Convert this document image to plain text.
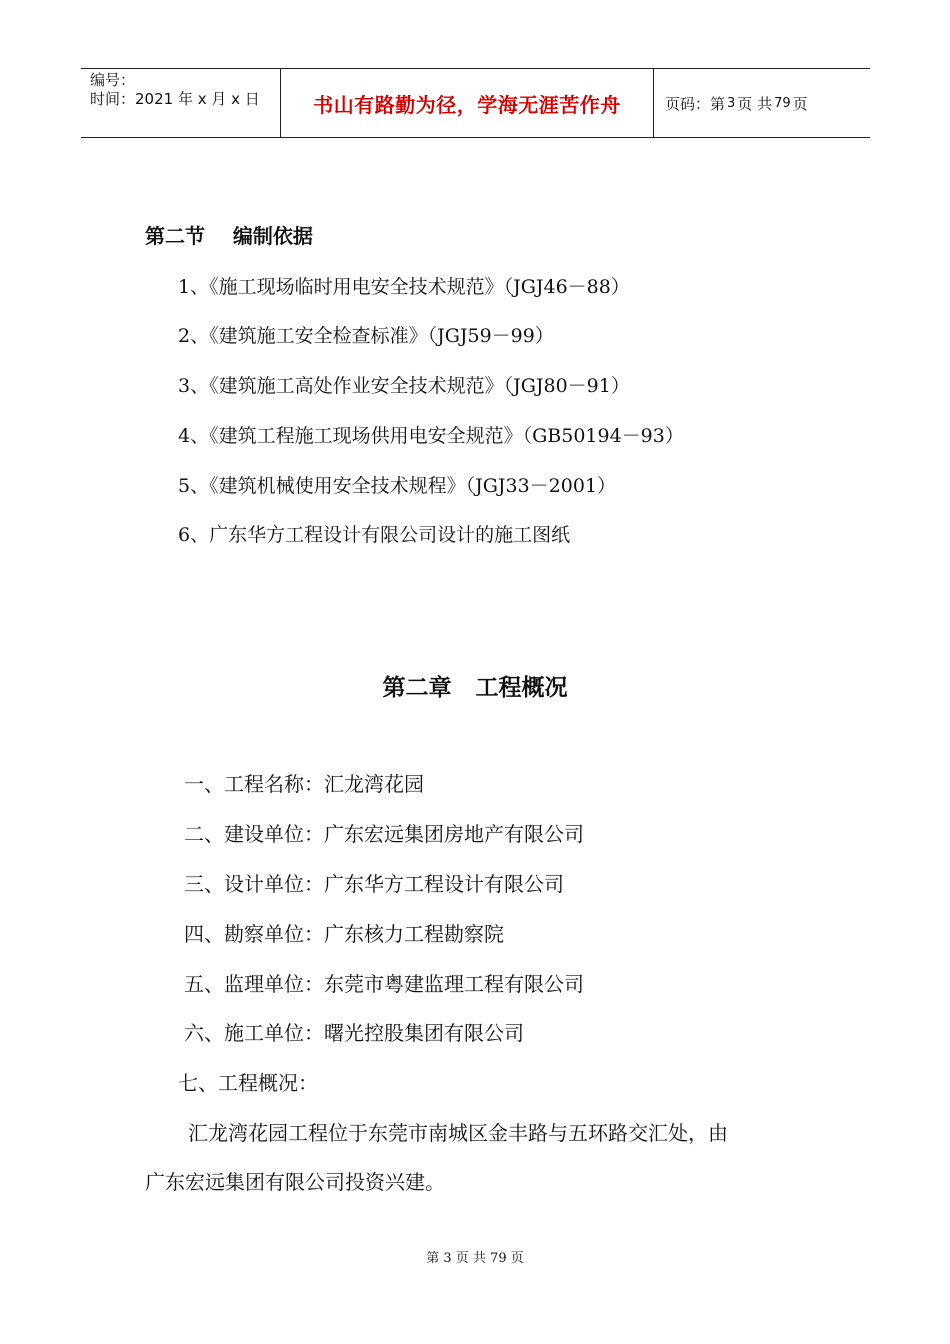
编号：
时间：2021 年 x 月 x 日	书山有路勤为径，学海无涯苦作舟	页码：第 3 页 共 79 页
第二节    编制依据
1、《施工现场临时用电安全技术规范》（JGJ46－88）
2、《建筑施工安全检查标准》（JGJ59－99）
3、《建筑施工高处作业安全技术规范》（JGJ80－91）
4、《建筑工程施工现场供用电安全规范》（GB50194－93）
5、《建筑机械使用安全技术规程》（JGJ33－2001）
6、广东华方工程设计有限公司设计的施工图纸
第二章   工程概况
一、工程名称：汇龙湾花园
二、建设单位：广东宏远集团房地产有限公司
三、设计单位：广东华方工程设计有限公司
四、勘察单位：广东核力工程勘察院
五、监理单位：东莞市粤建监理工程有限公司
六、施工单位：曙光控股集团有限公司
七、工程概况：
汇龙湾花园工程位于东莞市南城区金丰路与五环路交汇处，由
广东宏远集团有限公司投资兴建。
第 3 页 共 79 页
